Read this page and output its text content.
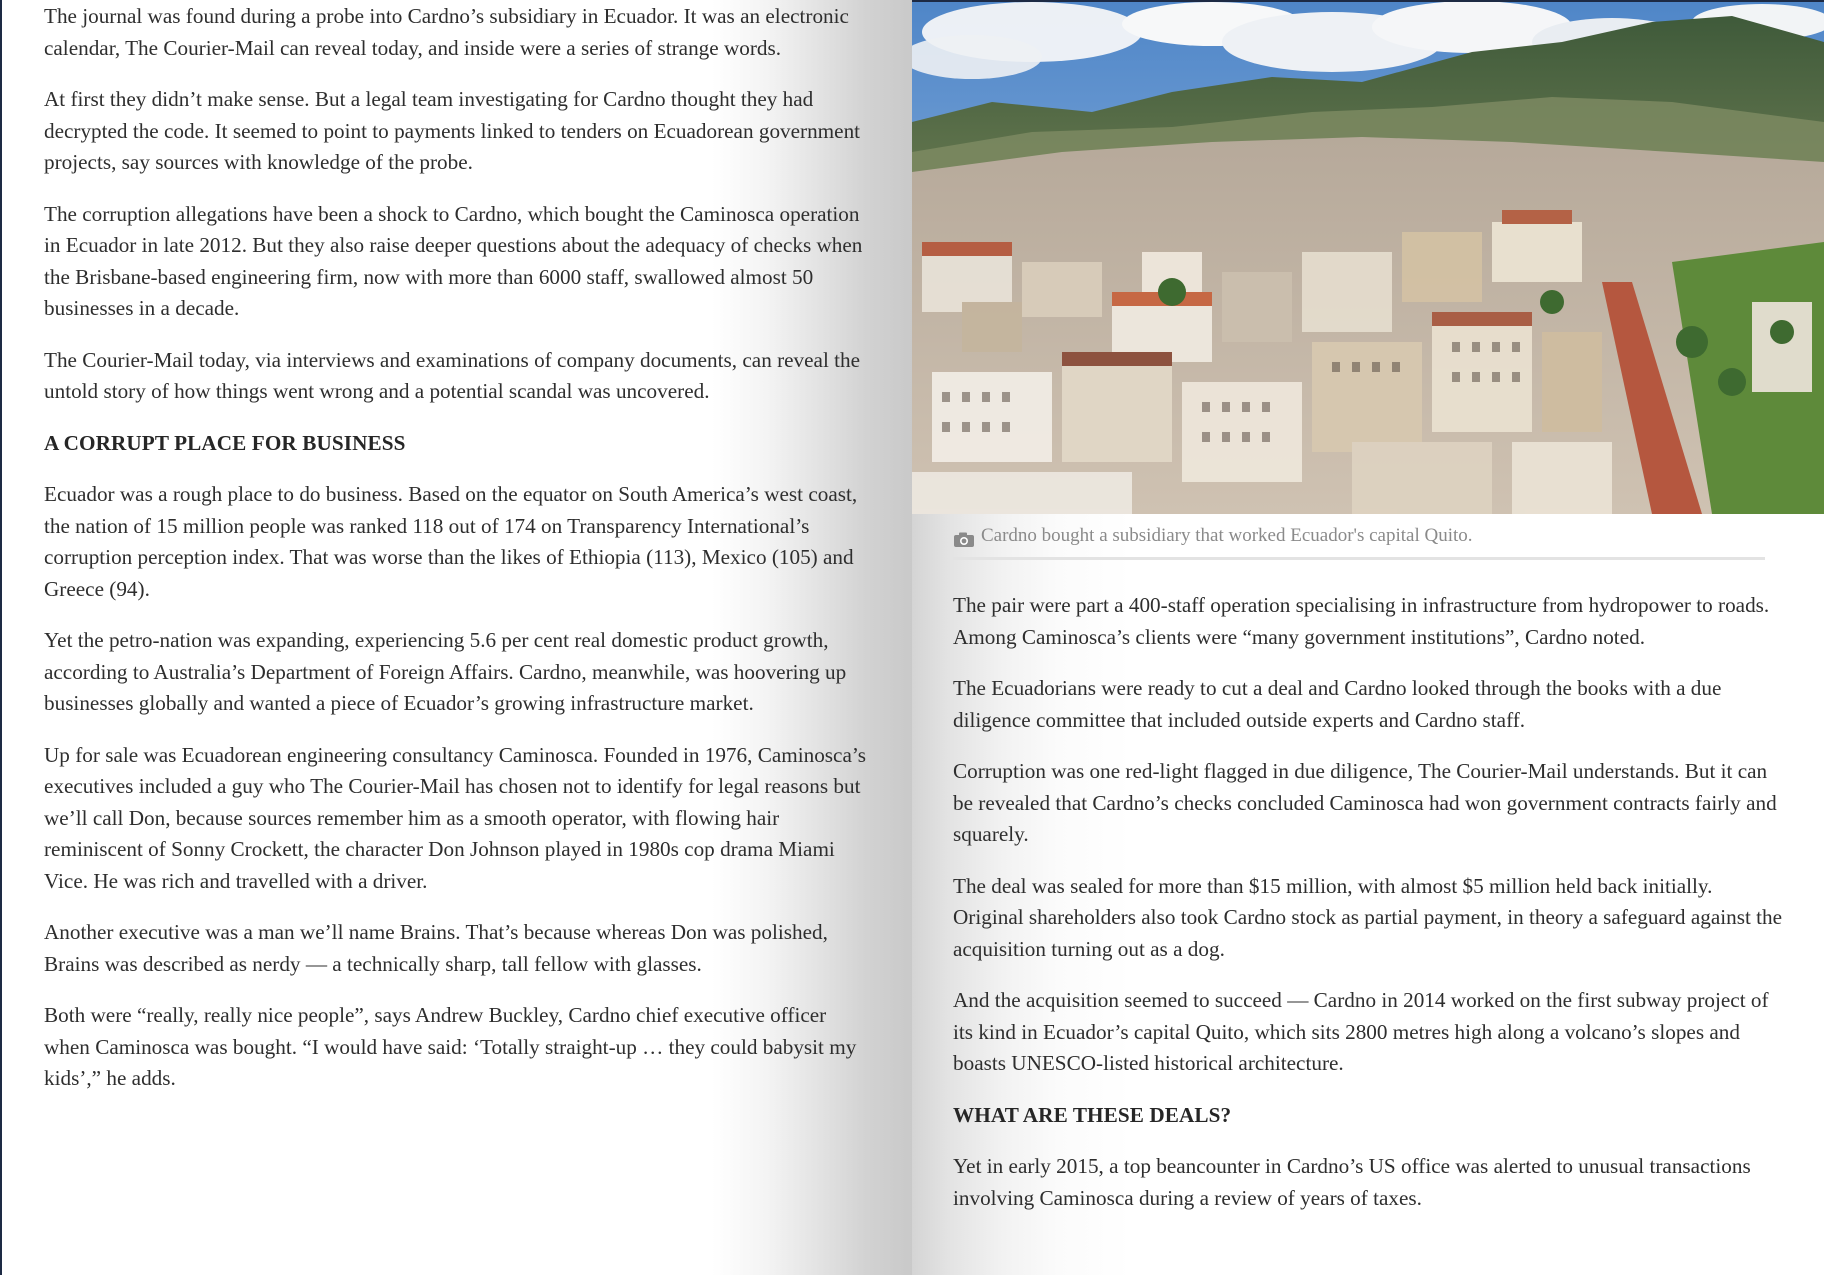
The journal was found during a probe into Cardno’s subsidiary in Ecuador. It was an electronic calendar, The Courier-Mail can reveal today, and inside were a series of strange words.

At first they didn’t make sense. But a legal team investigating for Cardno thought they had decrypted the code. It seemed to point to payments linked to tenders on Ecuadorean government projects, say sources with knowledge of the probe.

The corruption allegations have been a shock to Cardno, which bought the Caminosca operation in Ecuador in late 2012. But they also raise deeper questions about the adequacy of checks when the Brisbane-based engineering firm, now with more than 6000 staff, swallowed almost 50 businesses in a decade.

The Courier-Mail today, via interviews and examinations of company documents, can reveal the untold story of how things went wrong and a potential scandal was uncovered.

A CORRUPT PLACE FOR BUSINESS

Ecuador was a rough place to do business. Based on the equator on South America’s west coast, the nation of 15 million people was ranked 118 out of 174 on Transparency International’s corruption perception index. That was worse than the likes of Ethiopia (113), Mexico (105) and Greece (94).

Yet the petro-nation was expanding, experiencing 5.6 per cent real domestic product growth, according to Australia’s Department of Foreign Affairs. Cardno, meanwhile, was hoovering up businesses globally and wanted a piece of Ecuador’s growing infrastructure market.

Up for sale was Ecuadorean engineering consultancy Caminosca. Founded in 1976, Caminosca’s executives included a guy who The Courier-Mail has chosen not to identify for legal reasons but we’ll call Don, because sources remember him as a smooth operator, with flowing hair reminiscent of Sonny Crockett, the character Don Johnson played in 1980s cop drama Miami Vice. He was rich and travelled with a driver.

Another executive was a man we’ll name Brains. That’s because whereas Don was polished, Brains was described as nerdy — a technically sharp, tall fellow with glasses.

Both were “really, really nice people”, says Andrew Buckley, Cardno chief executive officer when Caminosca was bought. “I would have said: ‘Totally straight-up … they could babysit my kids’,” he adds.

Cardno bought a subsidiary that worked Ecuador's capital Quito.

The pair were part a 400-staff operation specialising in infrastructure from hydropower to roads. Among Caminosca’s clients were “many government institutions”, Cardno noted.

The Ecuadorians were ready to cut a deal and Cardno looked through the books with a due diligence committee that included outside experts and Cardno staff.

Corruption was one red-light flagged in due diligence, The Courier-Mail understands. But it can be revealed that Cardno’s checks concluded Caminosca had won government contracts fairly and squarely.

The deal was sealed for more than $15 million, with almost $5 million held back initially. Original shareholders also took Cardno stock as partial payment, in theory a safeguard against the acquisition turning out as a dog.

And the acquisition seemed to succeed — Cardno in 2014 worked on the first subway project of its kind in Ecuador’s capital Quito, which sits 2800 metres high along a volcano’s slopes and boasts UNESCO-listed historical architecture.

WHAT ARE THESE DEALS?

Yet in early 2015, a top beancounter in Cardno’s US office was alerted to unusual transactions involving Caminosca during a review of years of taxes.
